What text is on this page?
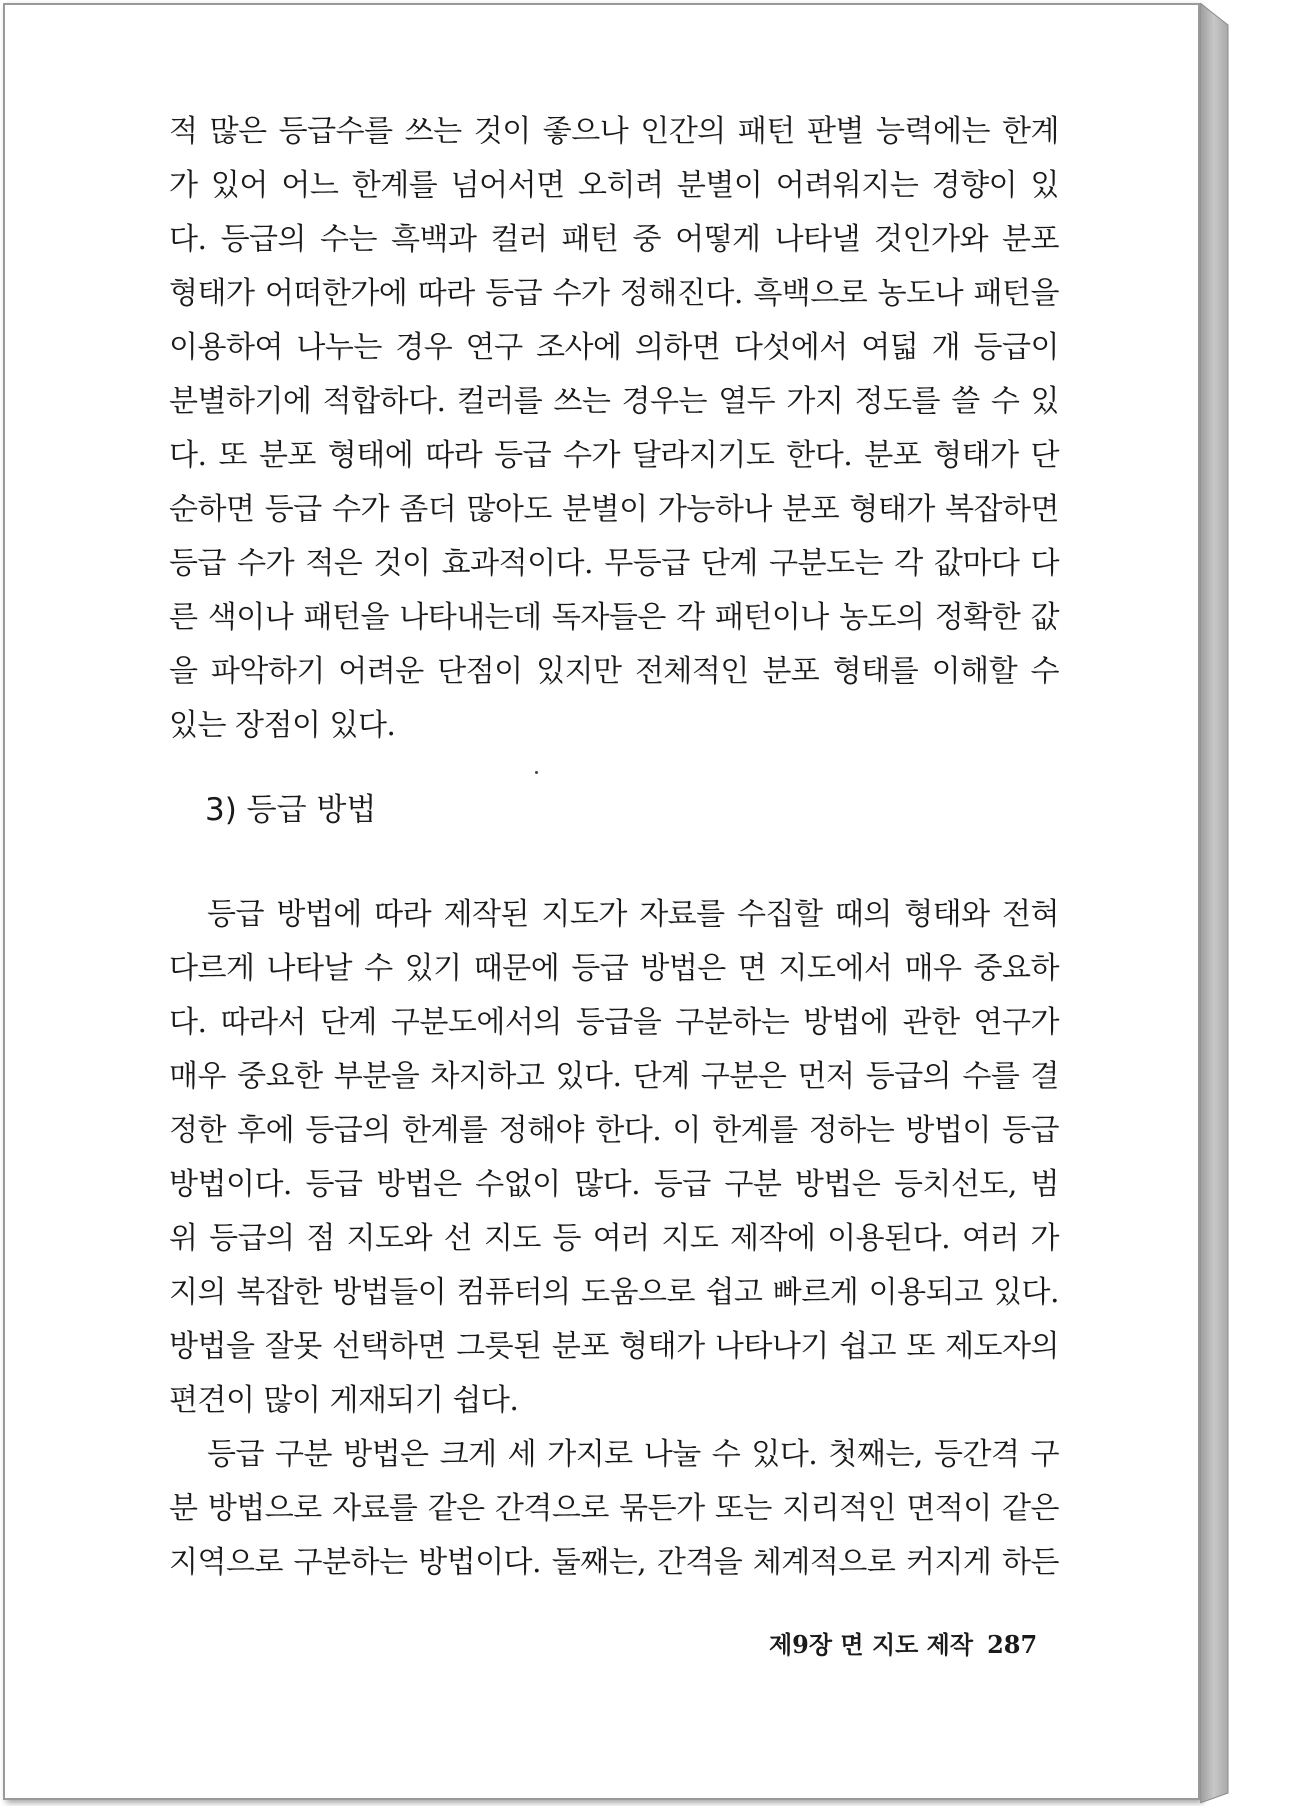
적 많은 등급수를 쓰는 것이 좋으나 인간의 패턴 판별 능력에는 한계
가 있어 어느 한계를 넘어서면 오히려 분별이 어려워지는 경향이 있
다. 등급의 수는 흑백과 컬러 패턴 중 어떻게 나타낼 것인가와 분포
형태가 어떠한가에 따라 등급 수가 정해진다. 흑백으로 농도나 패턴을
이용하여 나누는 경우 연구 조사에 의하면 다섯에서 여덟 개 등급이
분별하기에 적합하다. 컬러를 쓰는 경우는 열두 가지 정도를 쓸 수 있
다. 또 분포 형태에 따라 등급 수가 달라지기도 한다. 분포 형태가 단
순하면 등급 수가 좀더 많아도 분별이 가능하나 분포 형태가 복잡하면
등급 수가 적은 것이 효과적이다. 무등급 단계 구분도는 각 값마다 다
른 색이나 패턴을 나타내는데 독자들은 각 패턴이나 농도의 정확한 값
을 파악하기 어려운 단점이 있지만 전체적인 분포 형태를 이해할 수
있는 장점이 있다.
3) 등급 방법
등급 방법에 따라 제작된 지도가 자료를 수집할 때의 형태와 전혀
다르게 나타날 수 있기 때문에 등급 방법은 면 지도에서 매우 중요하
다. 따라서 단계 구분도에서의 등급을 구분하는 방법에 관한 연구가
매우 중요한 부분을 차지하고 있다. 단계 구분은 먼저 등급의 수를 결
정한 후에 등급의 한계를 정해야 한다. 이 한계를 정하는 방법이 등급
방법이다. 등급 방법은 수없이 많다. 등급 구분 방법은 등치선도, 범
위 등급의 점 지도와 선 지도 등 여러 지도 제작에 이용된다. 여러 가
지의 복잡한 방법들이 컴퓨터의 도움으로 쉽고 빠르게 이용되고 있다.
방법을 잘못 선택하면 그릇된 분포 형태가 나타나기 쉽고 또 제도자의
편견이 많이 게재되기 쉽다.
등급 구분 방법은 크게 세 가지로 나눌 수 있다. 첫째는, 등간격 구
분 방법으로 자료를 같은 간격으로 묶든가 또는 지리적인 면적이 같은
지역으로 구분하는 방법이다. 둘째는, 간격을 체계적으로 커지게 하든
제9장 면 지도 제작 287
